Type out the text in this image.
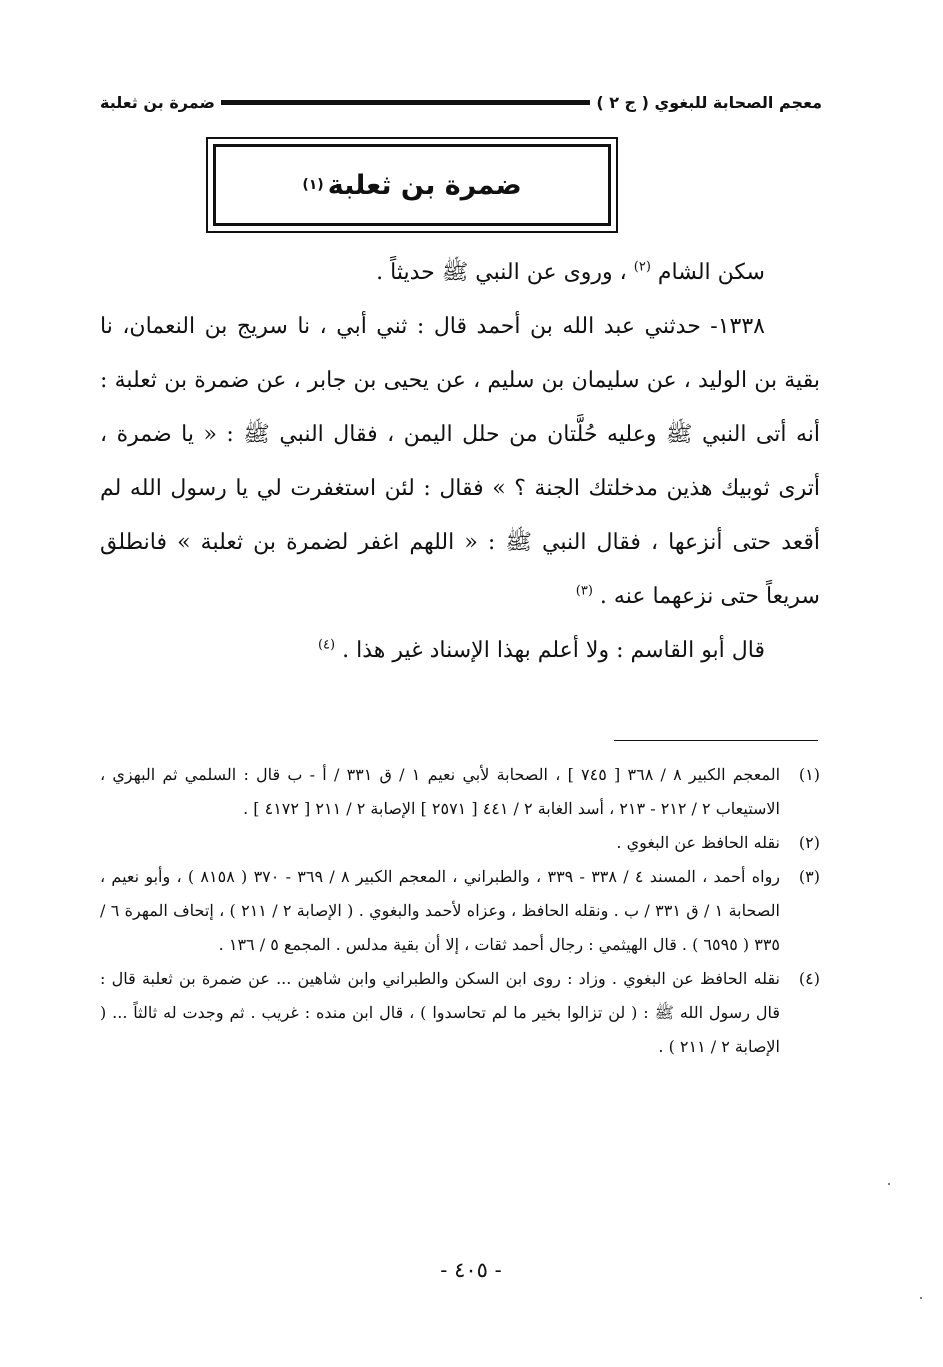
معجم الصحابة للبغوي ( ج ٢ )
ضمرة بن ثعلبة
ضمرة بن ثعلبة
(١)

سكن الشام $^{(٢)}$ ، وروى عن النبي ﷺ حديثاً .

١٣٣٨- حدثني عبد الله بن أحمد قال : ثني أبي ، نا سريج بن النعمان، نا بقية بن الوليد ، عن سليمان بن سليم ، عن يحيى بن جابر ، عن ضمرة بن ثعلبة : أنه أتى النبي ﷺ وعليه حُلَّتان من حلل اليمن ، فقال النبي ﷺ : « يا ضمرة ، أترى ثوبيك هذين مدخلتك الجنة ؟ » فقال : لئن استغفرت لي يا رسول الله لم أقعد حتى أنزعها ، فقال النبي ﷺ : « اللهم اغفر لضمرة بن ثعلبة » فانطلق سريعاً حتى نزعهما عنه . $^{(٣)}$

قال أبو القاسم : ولا أعلم بهذا الإسناد غير هذا . $^{(٤)}$

(١)
المعجم الكبير ٨ / ٣٦٨ [ ٧٤٥ ] ، الصحابة لأبي نعيم ١ / ق ٣٣١ / أ - ب قال : السلمي ثم البهزي ، الاستيعاب ٢ / ٢١٢ - ٢١٣ ، أسد الغابة ٢ / ٤٤١ [ ٢٥٧١ ] الإصابة ٢ / ٢١١ [ ٤١٧٢ ] .
(٢)
نقله الحافظ عن البغوي .
(٣)
رواه أحمد ، المسند ٤ / ٣٣٨ - ٣٣٩ ، والطبراني ، المعجم الكبير ٨ / ٣٦٩ - ٣٧٠ ( ٨١٥٨ ) ، وأبو نعيم ، الصحابة ١ / ق ٣٣١ / ب . ونقله الحافظ ، وعزاه لأحمد والبغوي . ( الإصابة ٢ / ٢١١ ) ، إتحاف المهرة ٦ / ٣٣٥ ( ٦٥٩٥ ) . قال الهيثمي : رجال أحمد ثقات ، إلا أن بقية مدلس . المجمع ٥ / ١٣٦ .
(٤)
نقله الحافظ عن البغوي . وزاد : روى ابن السكن والطبراني وابن شاهين ... عن ضمرة بن ثعلبة قال : قال رسول الله ﷺ : ( لن تزالوا بخير ما لم تحاسدوا ) ، قال ابن منده : غريب . ثم وجدت له ثالثاً ... ( الإصابة ٢ / ٢١١ ) .
- ٤٠٥ -
